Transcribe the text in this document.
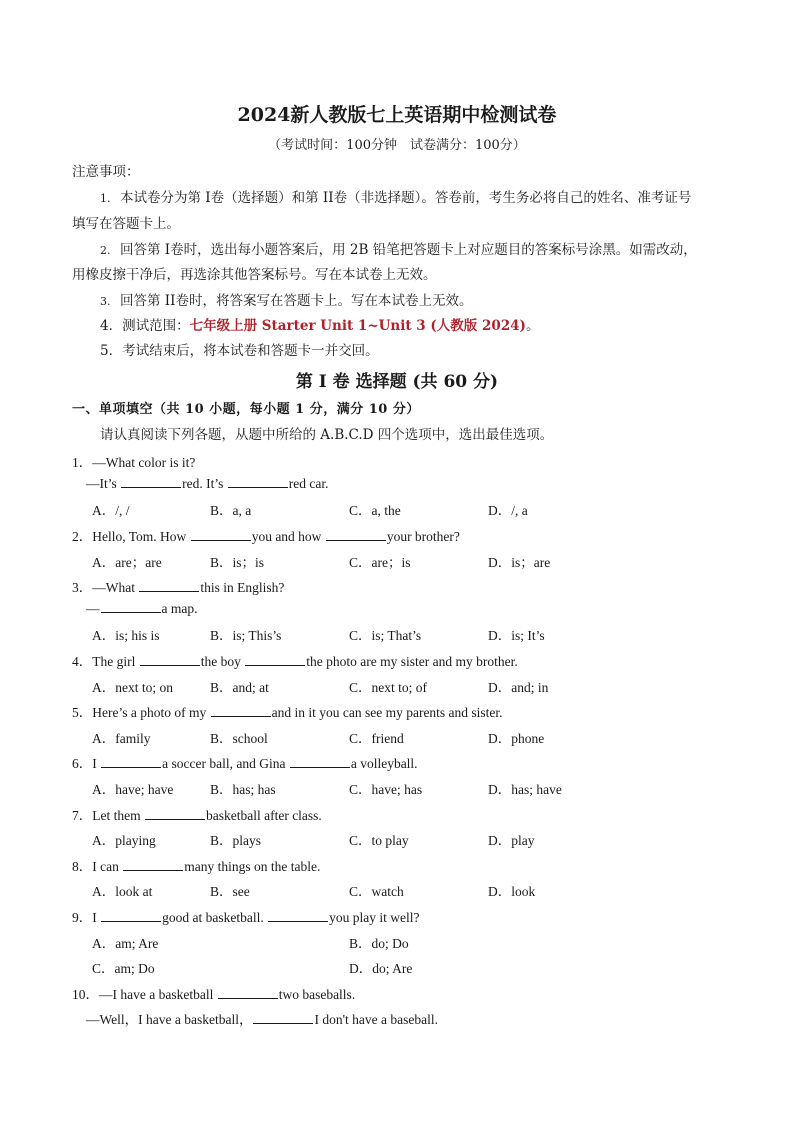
2024新人教版七上英语期中检测试卷
（考试时间：100分钟　试卷满分：100分）
注意事项：
1. 本试卷分为第 I卷（选择题）和第 II卷（非选择题）。答卷前，考生务必将自己的姓名、准考证号
填写在答题卡上。
2. 回答第 I卷时，选出每小题答案后，用 2B 铅笔把答题卡上对应题目的答案标号涂黑。如需改动，
用橡皮擦干净后，再选涂其他答案标号。写在本试卷上无效。
3. 回答第 II卷时，将答案写在答题卡上。写在本试卷上无效。
4．测试范围：七年级上册 Starter Unit 1~Unit 3 (人教版 2024)。
5．考试结束后，将本试卷和答题卡一并交回。
第 I 卷 选择题 (共 60 分)
一、单项填空（共 10 小题，每小题 1 分，满分 10 分）
请认真阅读下列各题，从题中所给的 A.B.C.D 四个选项中，选出最佳选项。
1．—What color is it?
—It’s	red. It’s	red car.
A．/, /	B．a, a	C．a, the	D．/, a
2．Hello, Tom. How	you and how	your brother?
A．are；are	B．is；is	C．are；is	D．is；are
3．—What	this in English?
—	a map.
A．is; his is	B．is; This’s	C．is; That’s	D．is; It’s
4．The girl	the boy	the photo are my sister and my brother.
A．next to; on	B．and; at	C．next to; of	D．and; in
5．Here’s a photo of my	and in it you can see my parents and sister.
A．family	B．school	C．friend	D．phone
6．I	a soccer ball, and Gina	a volleyball.
A．have; have	B．has; has	C．have; has	D．has; have
7．Let them	basketball after class.
A．playing	B．plays	C．to play	D．play
8．I can	many things on the table.
A．look at	B．see	C．watch	D．look
9．I	good at basketball.	you play it well?
A．am; Are	B．do; Do
C．am; Do	D．do; Are
10．—I have a basketball	two baseballs.
—Well，I have a basketball，	I don't have a baseball.
